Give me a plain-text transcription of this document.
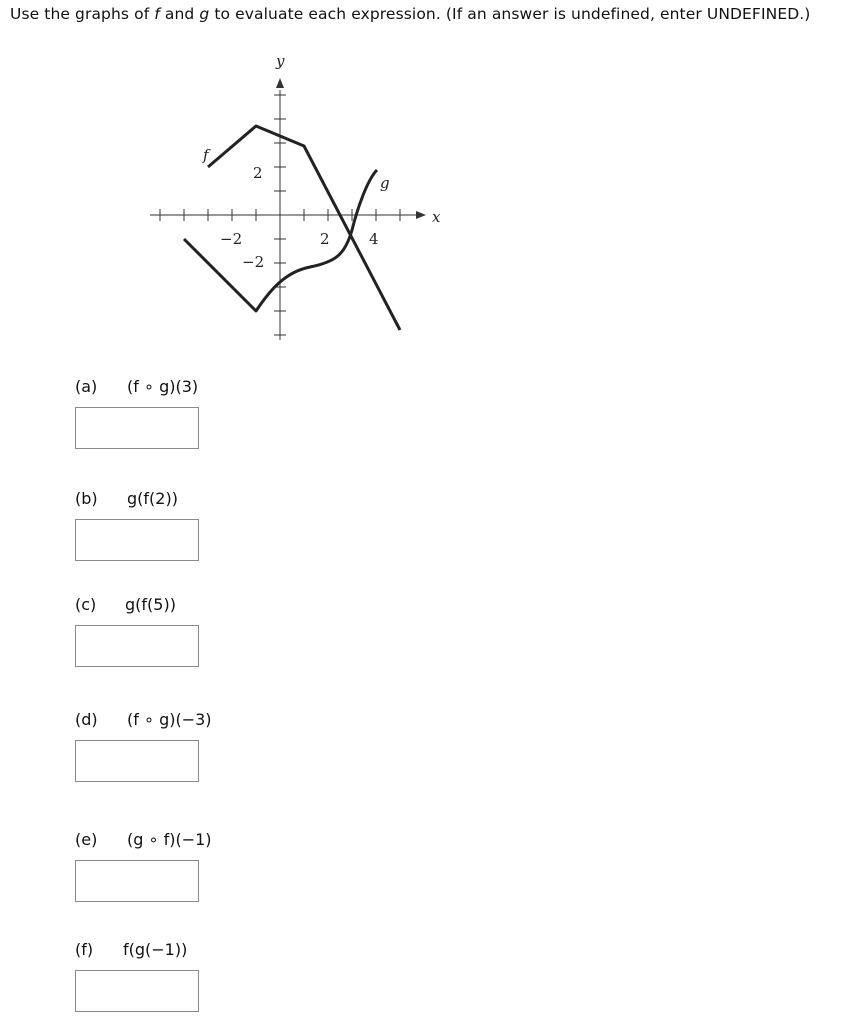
Use the graphs of f and g to evaluate each expression. (If an answer is undefined, enter UNDEFINED.)
y
x
f
g
−2	2	4
2
−2
(a) (f ∘ g)(3)
(b) g(f(2))
(c) g(f(5))
(d) (f ∘ g)(−3)
(e) (g ∘ f)(−1)
(f) f(g(−1))
